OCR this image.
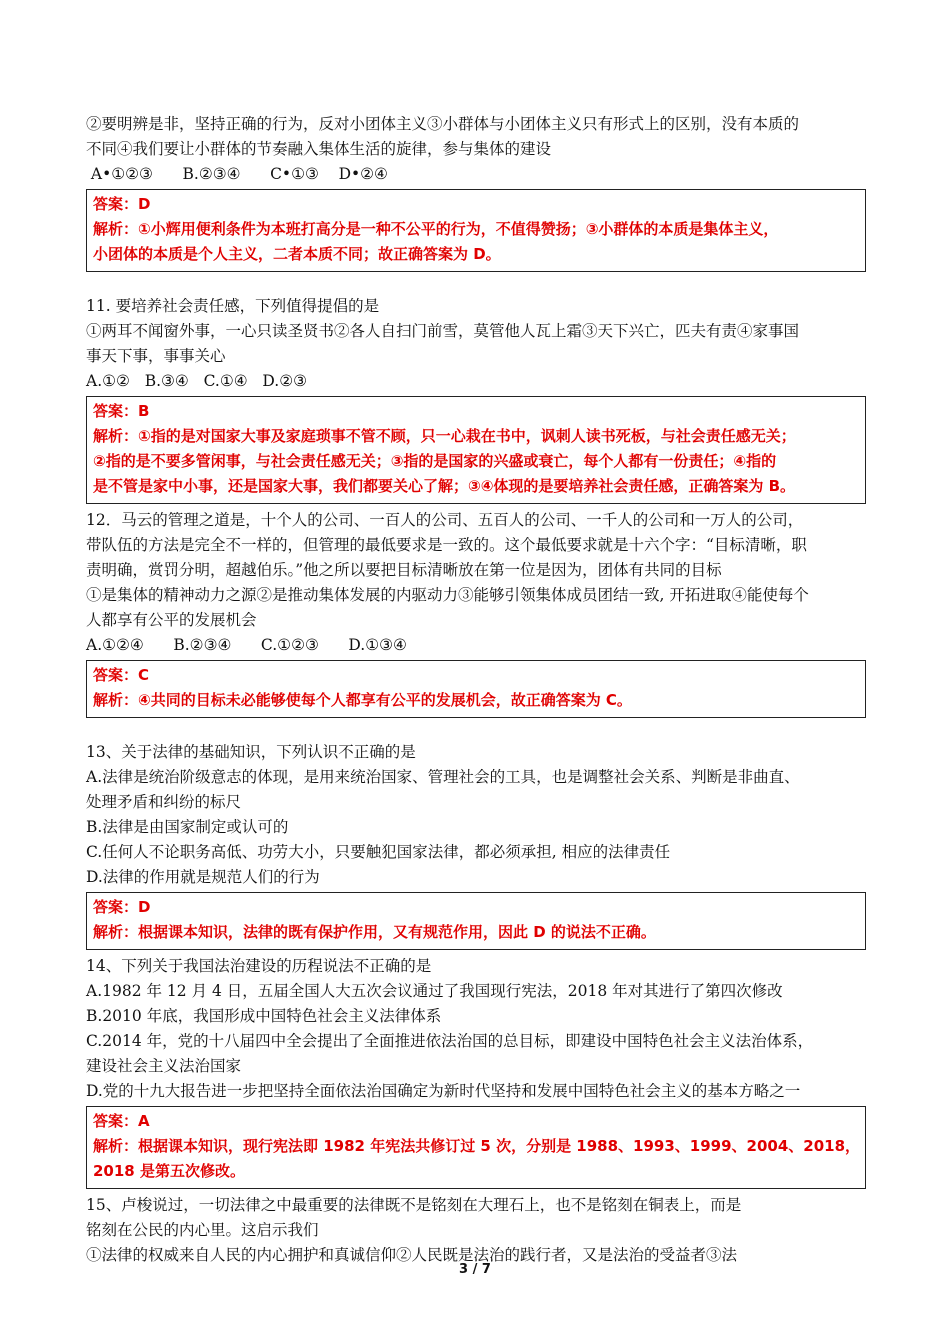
②要明辨是非，坚持正确的行为，反对小团体主义③小群体与小团体主义只有形式上的区别，没有本质的
不同④我们要让小群体的节奏融入集体生活的旋律，参与集体的建设
A•①②③      B.②③④      C•①③    D•②④
答案：D
解析：①小辉用便利条件为本班打高分是一种不公平的行为，不值得赞扬；③小群体的本质是集体主义，
小团体的本质是个人主义，二者本质不同；故正确答案为 D。
11. 要培养社会责任感，下列值得提倡的是
①两耳不闻窗外事，一心只读圣贤书②各人自扫门前雪，莫管他人瓦上霜③天下兴亡，匹夫有责④家事国
事天下事，事事关心
A.①②   B.③④   C.①④   D.②③
答案：B
解析：①指的是对国家大事及家庭琐事不管不顾，只一心栽在书中，讽刺人读书死板，与社会责任感无关；
②指的是不要多管闲事，与社会责任感无关；③指的是国家的兴盛或衰亡，每个人都有一份责任；④指的
是不管是家中小事，还是国家大事，我们都要关心了解；③④体现的是要培养社会责任感，正确答案为 B。
12．马云的管理之道是，十个人的公司、一百人的公司、五百人的公司、一千人的公司和一万人的公司，
带队伍的方法是完全不一样的，但管理的最低要求是一致的。这个最低要求就是十六个字：“目标清晰，职
责明确，赏罚分明，超越伯乐。”他之所以要把目标清晰放在第一位是因为，团体有共同的目标
①是集体的精神动力之源②是推动集体发展的内驱动力③能够引领集体成员团结一致, 开拓进取④能使每个
人都享有公平的发展机会
A.①②④      B.②③④      C.①②③      D.①③④
答案：C
解析：④共同的目标未必能够使每个人都享有公平的发展机会，故正确答案为 C。
13、关于法律的基础知识，下列认识不正确的是
A.法律是统治阶级意志的体现，是用来统治国家、管理社会的工具，也是调整社会关系、判断是非曲直、
处理矛盾和纠纷的标尺
B.法律是由国家制定或认可的
C.任何人不论职务高低、功劳大小，只要触犯国家法律，都必须承担, 相应的法律责任
D.法律的作用就是规范人们的行为
答案：D
解析：根据课本知识，法律的既有保护作用，又有规范作用，因此 D 的说法不正确。
14、下列关于我国法治建设的历程说法不正确的是
A.1982 年 12 月 4 日，五届全国人大五次会议通过了我国现行宪法，2018 年对其进行了第四次修改
B.2010 年底，我国形成中国特色社会主义法律体系
C.2014 年，党的十八届四中全会提出了全面推进依法治国的总目标，即建设中国特色社会主义法治体系，
建设社会主义法治国家
D.党的十九大报告进一步把坚持全面依法治国确定为新时代坚持和发展中国特色社会主义的基本方略之一
答案：A
解析：根据课本知识，现行宪法即 1982 年宪法共修订过 5 次，分别是 1988、1993、1999、2004、2018，
2018 是第五次修改。
15、卢梭说过，一切法律之中最重要的法律既不是铭刻在大理石上，也不是铭刻在铜表上，而是
铭刻在公民的内心里。这启示我们
①法律的权威来自人民的内心拥护和真诚信仰②人民既是法治的践行者，又是法治的受益者③法
3 / 7
